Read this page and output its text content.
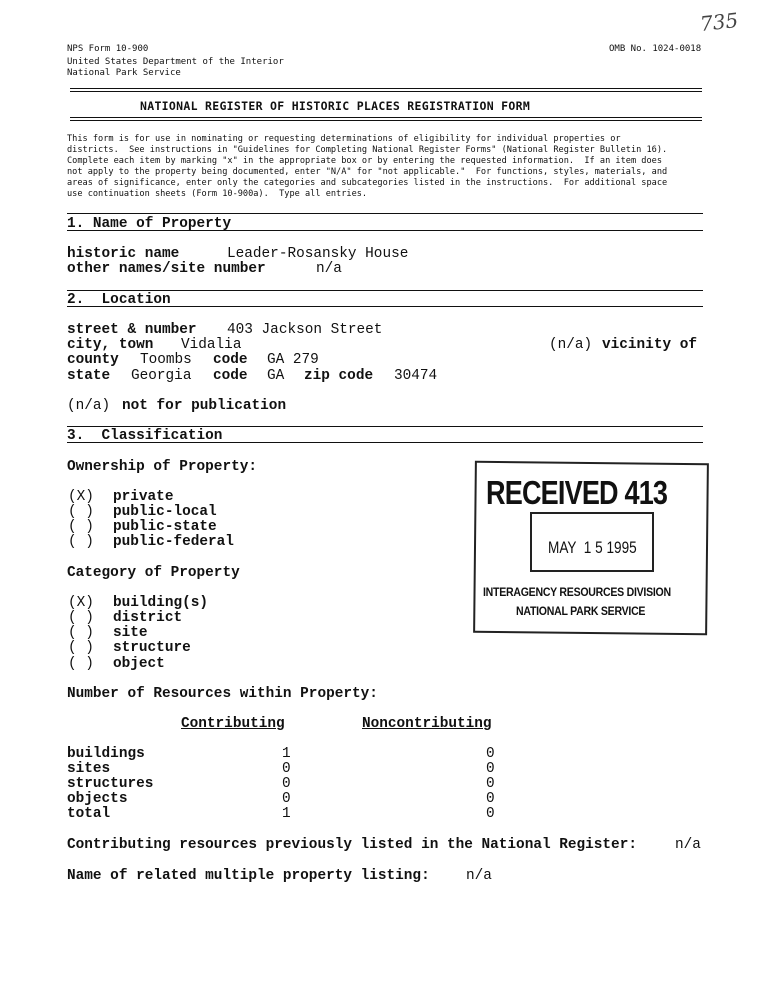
735
NPS Form 10-900
United States Department of the Interior
National Park Service
OMB No. 1024-0018
NATIONAL REGISTER OF HISTORIC PLACES REGISTRATION FORM
This form is for use in nominating or requesting determinations of eligibility for individual properties or
districts.  See instructions in "Guidelines for Completing National Register Forms" (National Register Bulletin 16).
Complete each item by marking "x" in the appropriate box or by entering the requested information.  If an item does
not apply to the property being documented, enter "N/A" for "not applicable."  For functions, styles, materials, and
areas of significance, enter only the categories and subcategories listed in the instructions.  For additional space
use continuation sheets (Form 10-900a).  Type all entries.
1. Name of Property
historic name	Leader-Rosansky House
other names/site number	n/a
2.  Location
street & number 403 Jackson Street
city, town Vidalia	(n/a) vicinity of
county Toombs code GA 279
state Georgia code GA zip code 30474
(n/a) not for publication
3.  Classification
Ownership of Property:
(X) private
( ) public-local
( ) public-state
( ) public-federal
Category of Property
(X) building(s)
( ) district
( ) site
( ) structure
( ) object
Number of Resources within Property:
Contributing	Noncontributing
buildings	1	0
sites	0	0
structures	0	0
objects	0	0
total	1	0
Contributing resources previously listed in the National Register:	n/a
Name of related multiple property listing:	n/a
RECEIVED 413
MAY  1 5 1995
INTERAGENCY RESOURCES DIVISION
NATIONAL PARK SERVICE
